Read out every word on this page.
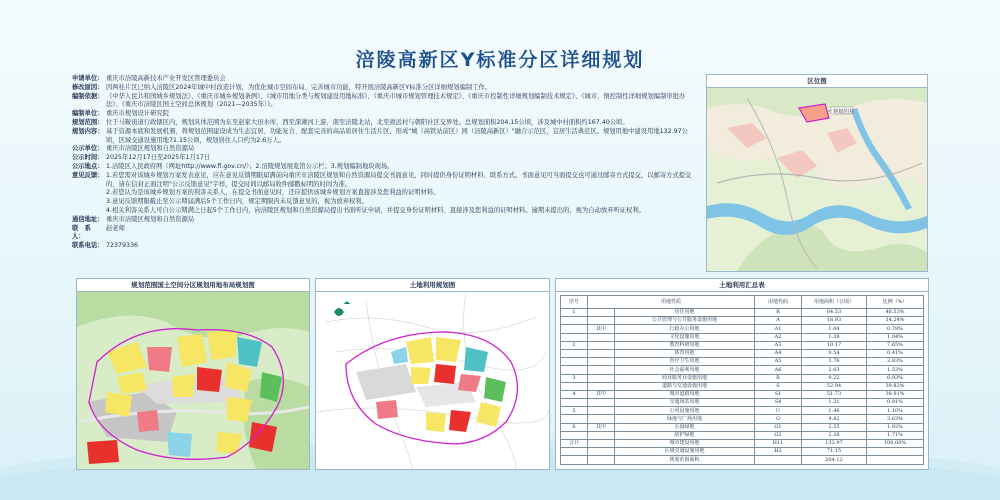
涪陵高新区Y标准分区详细规划
申请单位： 重庆市涪陵高新技术产业开发区管理委员会
修改原因： 因两桂片区已纳入涪陵区2024年城中村改造计划，为优化城市空间布局、完善城市功能，特开展涪陵高新区Y标准分区详细规划编制工作。
编制依据： 《中华人民共和国城乡规划法》、《重庆市城乡规划条例》、《城市用地分类与规划建设用地标准》、《重庆市城市规划管理技术规定》、《重庆市控制性详细规划编制技术规定》、《城市、镇控制性详细规划编制审批办法》、《重庆市涪陵区国土空间总体规划（2021—2035年）》。
编制单位： 重庆市规划设计研究院
规划范围： 位于马鞍街道行政辖区内，规划具体范围为东至赵家大田水库，西至深滩河上游，南至涪陵北站，北至致远村与朝阳社区交界处。总规划面积204.15公顷，涉及城中村面积约167.40公顷。
规划内容： 基于资源本底和发展机遇，将规划范围建设成为生态宜居、功能复合、配套完善的高品质居住生活片区，形成"城（高铁站前区）园（涪陵高新区）"融合示范区，宜居生活典范区。规划用地中建设用地132.97公顷，区域交通设施用地71.15公顷，规划居住人口约为2.6万人。
公示单位： 重庆市涪陵区规划和自然资源局
公示时间： 2025年12月17日至2025年1月17日
公示地点： 1.涪陵区人民政府网（网址http://www.fl.gov.cn/）；2.涪陵规划展览馆公示栏；3.规划编制地块现场。
意见反馈： 1.若您需对该城乡规划方案发表意见，应在意见反馈期限届满前向重庆市涪陵区规划和自然资源局提交书面意见，同时提供身份证明材料、联系方式。书面意见可当面提交也可通过邮寄方式提交，以邮寄方式提交的，请在信封正面注明"公示反馈意见"字样，提交时间以邮局收件邮戳标明的时间为准。
2.若您认为是该城乡规划方案的利害关系人，在提交书面意见时，还应提供该城乡规划方案直接涉及您利益的证明材料。
3.意见反馈期限截止至公示期届满后5个工作日内，规定期限内未反馈意见的，视为放弃权利。
4.相关利害关系人可自公示期满之日起5个工作日内，向涪陵区规划和自然资源局提出书面听证申请，并提交身份证明材料、直接涉及您利益的证明材料。逾期未提出的，视为自动放弃听证权利。
通信地址： 重庆市涪陵区规划和自然资源局
联　系　人：
赵老师
联系电话： 72379336
区位图
规划范围
规划范围国土空间分区规划用地布局规划图	土地利用规划图	土地利用汇总表
序号	用地性质		用地代码	用地面积（公顷）	比例（%）
1		居住用地	R	64.53	48.53%
		公共管理与公共服务设施用地	A	18.93	14.24%
	其中	行政办公用地	A1	1.04	0.78%
		文化设施用地	A2	1.38	1.04%
2		教育科研用地	A3	10.17	7.65%
		体育用地	A4	0.54	0.41%
		医疗卫生用地	A5	3.76	2.83%
		社会福利用地	A6	2.03	1.53%
3		商业服务业设施用地	B	9.22	6.93%
		道路与交通设施用地	S	52.94	39.82%
4	其中	城市道路用地	S1	51.73	38.91%
		交通场站用地	S4	1.21	0.91%
5		公用设施用地	U	1.46	1.10%
		绿地与广场用地	G	4.82	3.63%
6	其中	公园绿地	G1	2.55	1.92%
		防护绿地	G2	2.28	1.71%
合计		城市建设用地	H11	132.97	100.00%
		区域交通设施用地	H2	71.15	
		规划范围面积		204.12	
